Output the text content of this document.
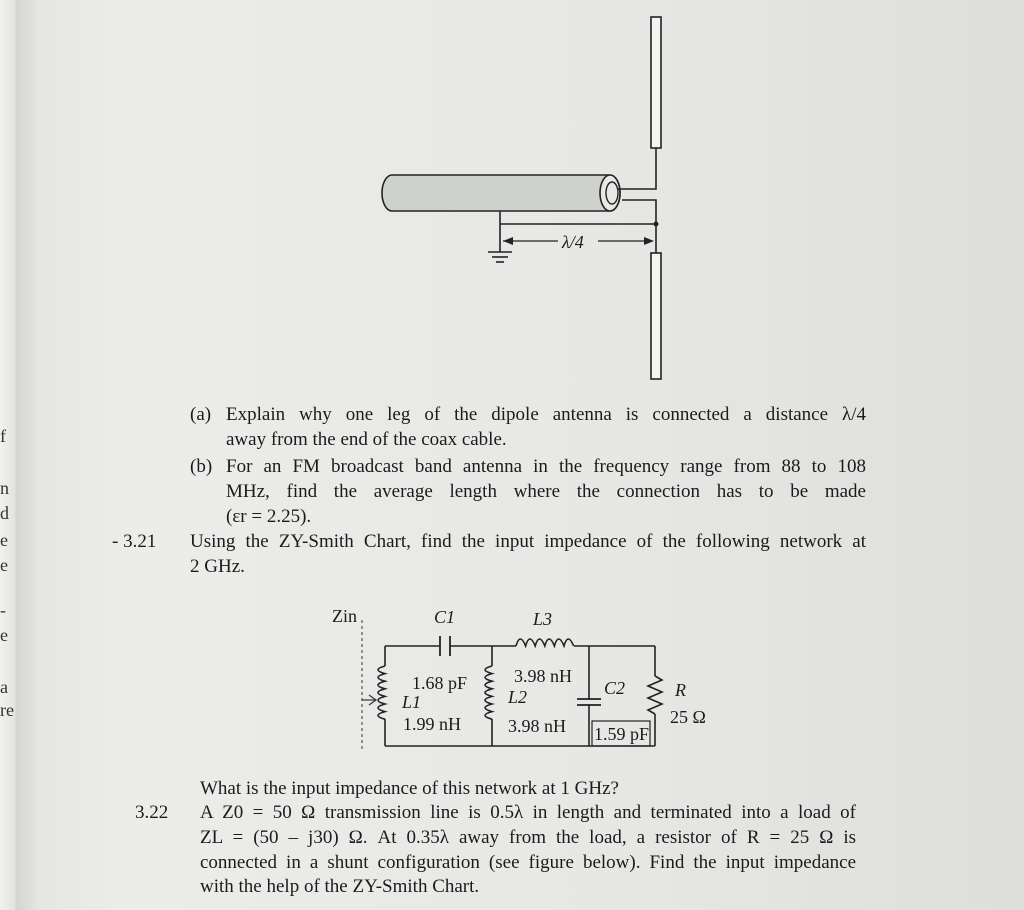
f
n
d
e
e
-
e
a
re
λ/4
(a) Explain why one leg of the dipole antenna is connected a distance λ/4
away from the end of the coax cable.
(b) For an FM broadcast band antenna in the frequency range from 88 to 108
MHz, find the average length where the connection has to be made
(εr = 2.25).
- 3.21 Using the ZY-Smith Chart, find the input impedance of the following network at
2 GHz.
Zin	C1	L3
1.68 pF
L1
1.99 nH
3.98 nH
L2
3.98 nH
C2
1.59 pF
R
25 Ω
What is the input impedance of this network at 1 GHz?
3.22 A Z0 = 50 Ω transmission line is 0.5λ in length and terminated into a load of
ZL = (50 – j30) Ω. At 0.35λ away from the load, a resistor of R = 25 Ω is
connected in a shunt configuration (see figure below). Find the input impedance
with the help of the ZY-Smith Chart.
